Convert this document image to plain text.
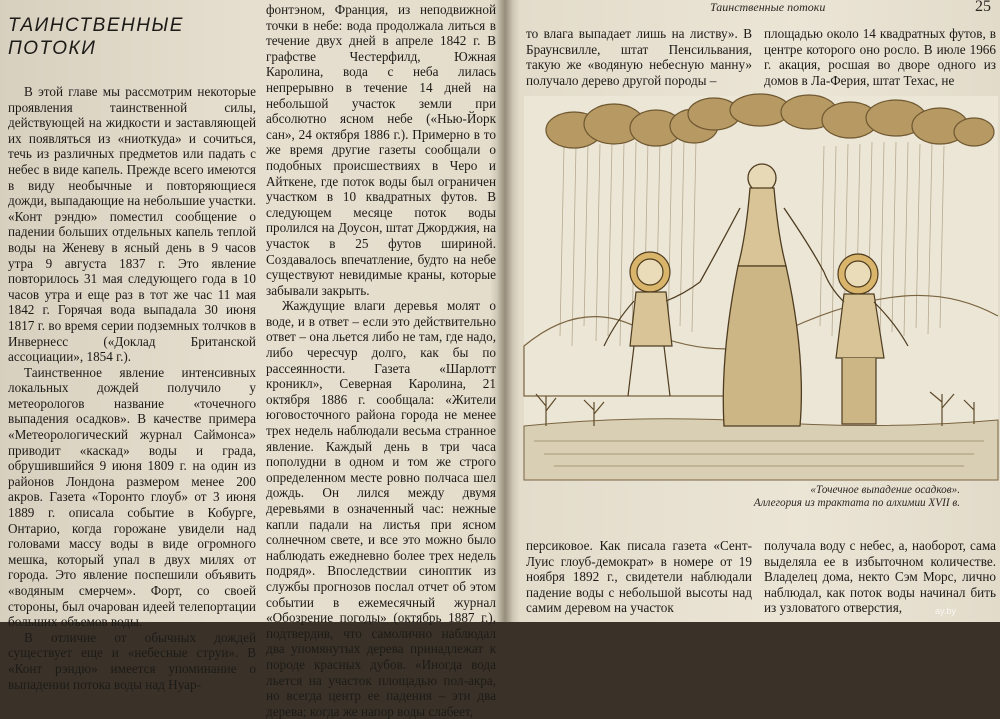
ТАИНСТВЕННЫЕ ПОТОКИ

В этой главе мы рассмотрим некоторые проявления таинственной силы, действующей на жидкости и заставляющей их появляться из «ниоткуда» и сочиться, течь из различных предметов или падать с небес в виде капель. Прежде всего имеются в виду необычные и повторяющиеся дожди, выпадающие на небольшие участки. «Конт рэндю» поместил сообщение о падении больших отдельных капель теплой воды на Женеву в ясный день в 9 часов утра 9 августа 1837 г. Это явление повторилось 31 мая следующего года в 10 часов утра и еще раз в тот же час 11 мая 1842 г. Горячая вода выпадала 30 июня 1817 г. во время серии подземных толчков в Инвернесс («Доклад Британской ассоциации», 1854 г.).

Таинственное явление интенсивных локальных дождей получило у метеорологов название «точечного выпадения осадков». В качестве примера «Метеорологический журнал Саймонса» приводит «каскад» воды и града, обрушившийся 9 июня 1809 г. на один из районов Лондона размером менее 200 акров. Газета «Торонто глоуб» от 3 июня 1889 г. описала событие в Кобурге, Онтарио, когда горожане увидели над головами массу воды в виде огромного мешка, который упал в двух милях от города. Это явление поспешили объявить «водяным смерчем». Форт, со своей стороны, был очарован идеей телепортации больших объемов воды.

В отличие от обычных дождей существует еще и «небесные струи». В «Конт рэндю» имеется упоминание о выпадении потока воды над Нуар-

фонтэном, Франция, из неподвижной точки в небе: вода продолжала литься в течение двух дней в апреле 1842 г. В графстве Честерфилд, Южная Каролина, вода с неба лилась непрерывно в течение 14 дней на небольшой участок земли при абсолютно ясном небе («Нью-Йорк сан», 24 октября 1886 г.). Примерно в то же время другие газеты сообщали о подобных происшествиях в Черо и Айткене, где поток воды был ограничен участком в 10 квадратных футов. В следующем месяце поток воды пролился на Доусон, штат Джорджия, на участок в 25 футов шириной. Создавалось впечатление, будто на небе существуют невидимые краны, которые забывали закрыть.

Жаждущие влаги деревья молят о воде, и в ответ – если это действительно ответ – она льется либо не там, где надо, либо чересчур долго, как бы по рассеянности. Газета «Шарлотт кроникл», Северная Каролина, 21 октября 1886 г. сообщала: «Жители юговосточного района города не менее трех недель наблюдали весьма странное явление. Каждый день в три часа пополудни в одном и том же строго определенном месте ровно полчаса шел дождь. Он лился между двумя деревьями в означенный час: нежные капли падали на листья при ясном солнечном свете, и все это можно было наблюдать ежедневно более трех недель подряд». Впоследствии синоптик из службы прогнозов послал отчет об этом событии в ежемесячный журнал «Обозрение погоды» (октябрь 1887 г.), подтвердив, что самолично наблюдал два упомянутых дерева принадлежат к породе красных дубов. «Иногда вода льется на участок площадью пол-акра, но всегда центр ее падения – эти два дерева; когда же напор воды слабеет,

Таинственные потоки	25

то влага выпадает лишь на листву». В Браунсвилле, штат Пенсильвания, такую же «водяную небесную манну» получало дерево другой породы –

площадью около 14 квадратных футов, в центре которого оно росло. В июле 1966 г. акация, росшая во дворе одного из домов в Ла-Ферия, штат Техас, не

«Точечное выпадение осадков».
Аллегория из трактата по алхимии XVII в.

персиковое. Как писала газета «Сент-Луис глоуб-демократ» в номере от 19 ноября 1892 г., свидетели наблюдали падение воды с небольшой высоты над самим деревом на участок

получала воду с небес, а, наоборот, сама выделяла ее в избыточном количестве. Владелец дома, некто Сэм Морс, лично наблюдал, как поток воды начинал бить из узловатого отверстия,	ay.by
